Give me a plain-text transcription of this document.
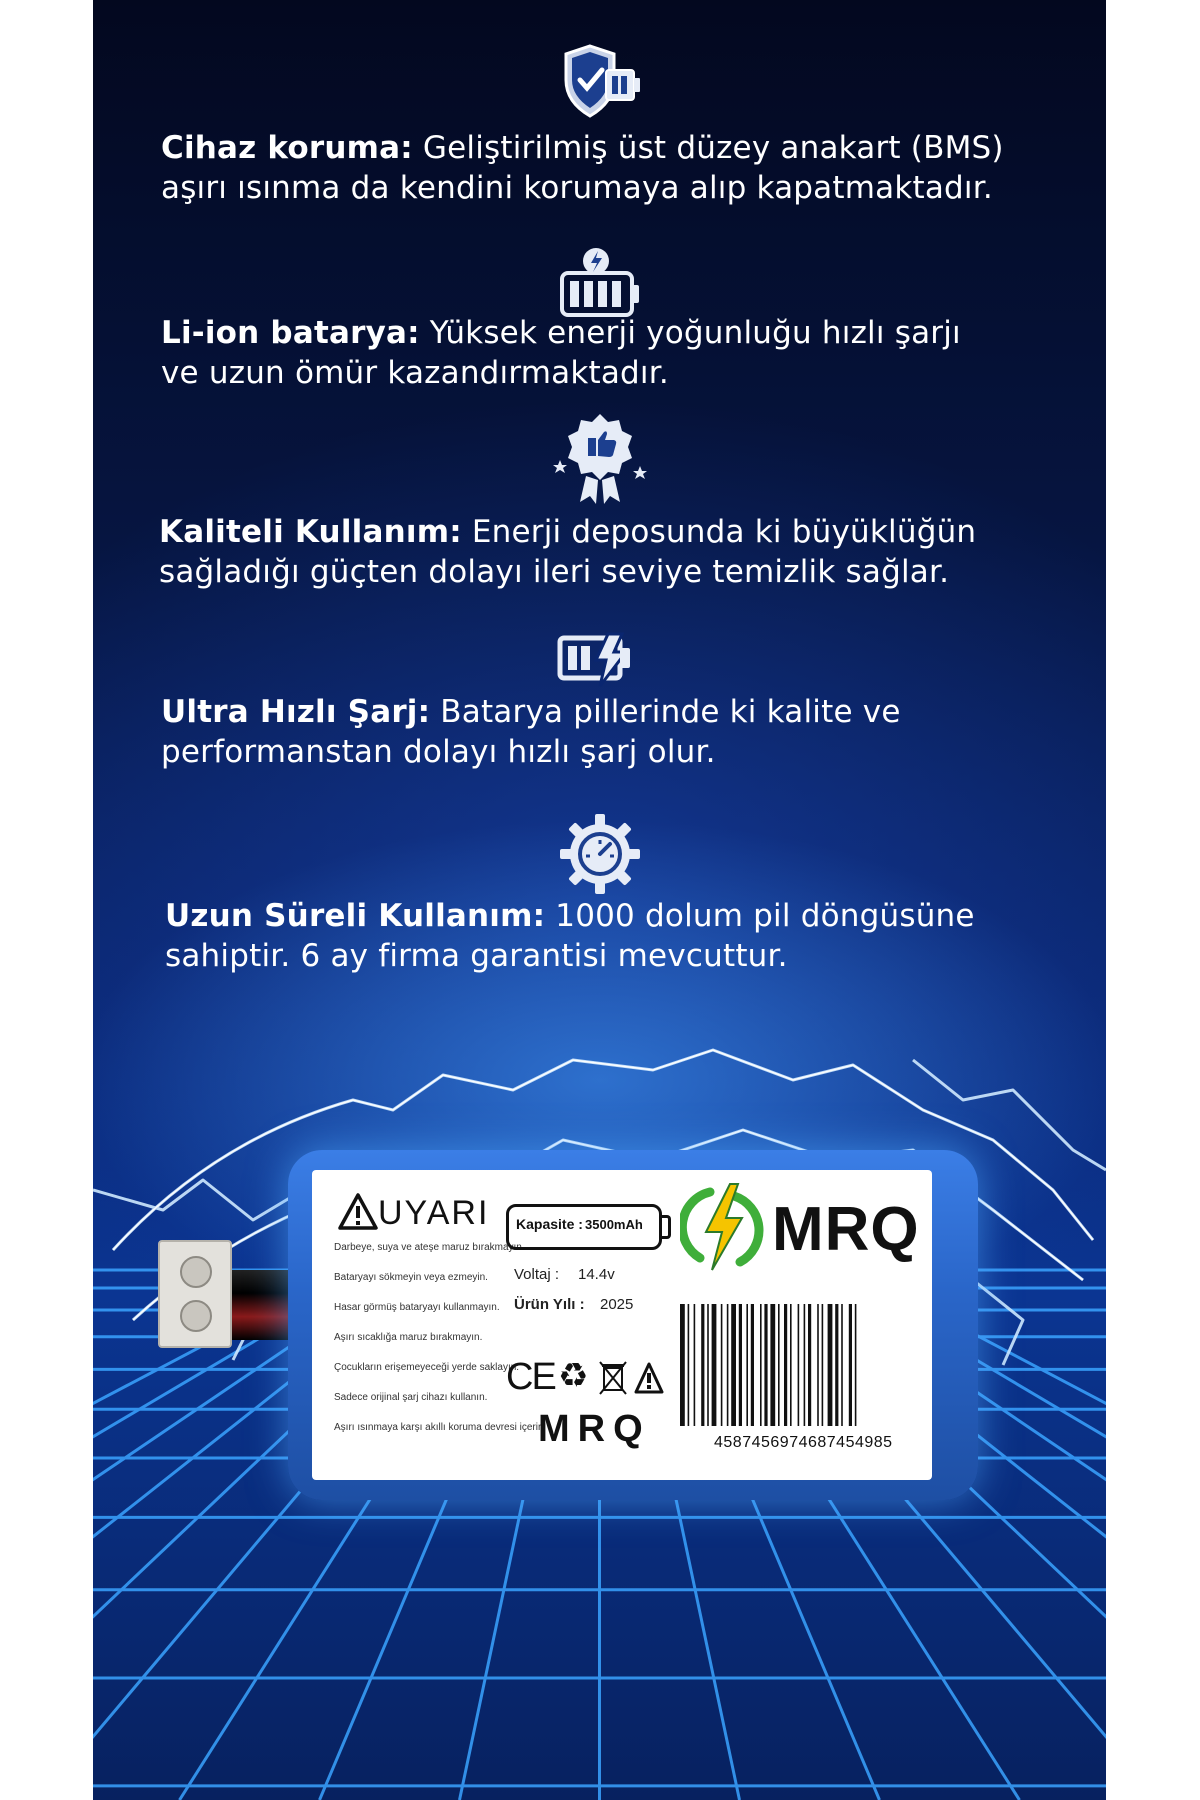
Cihaz koruma: Geliştirilmiş üst düzey anakart (BMS)
aşırı ısınma da kendini korumaya alıp kapatmaktadır.
Li-ion batarya: Yüksek enerji yoğunluğu hızlı şarjı
ve uzun ömür kazandırmaktadır.
Kaliteli Kullanım: Enerji deposunda ki büyüklüğün
sağladığı güçten dolayı ileri seviye temizlik sağlar.
Ultra Hızlı Şarj: Batarya pillerinde ki kalite ve
performanstan dolayı hızlı şarj olur.
Uzun Süreli Kullanım: 1000 dolum pil döngüsüne
sahiptir. 6 ay firma garantisi mevcuttur.
UYARI
Darbeye, suya ve ateşe maruz bırakmayın.
Bataryayı sökmeyin veya ezmeyin.
Hasar görmüş bataryayı kullanmayın.
Aşırı sıcaklığa maruz bırakmayın.
Çocukların erişemeyeceği yerde saklayın.
Sadece orijinal şarj cihazı kullanın.
Aşırı ısınmaya karşı akıllı koruma devresi içerir.
Kapasite : 3500mAh
Voltaj : 14.4v
Ürün Yılı : 2025
CE ♻
MRQ
MRQ
4587456974687454985
